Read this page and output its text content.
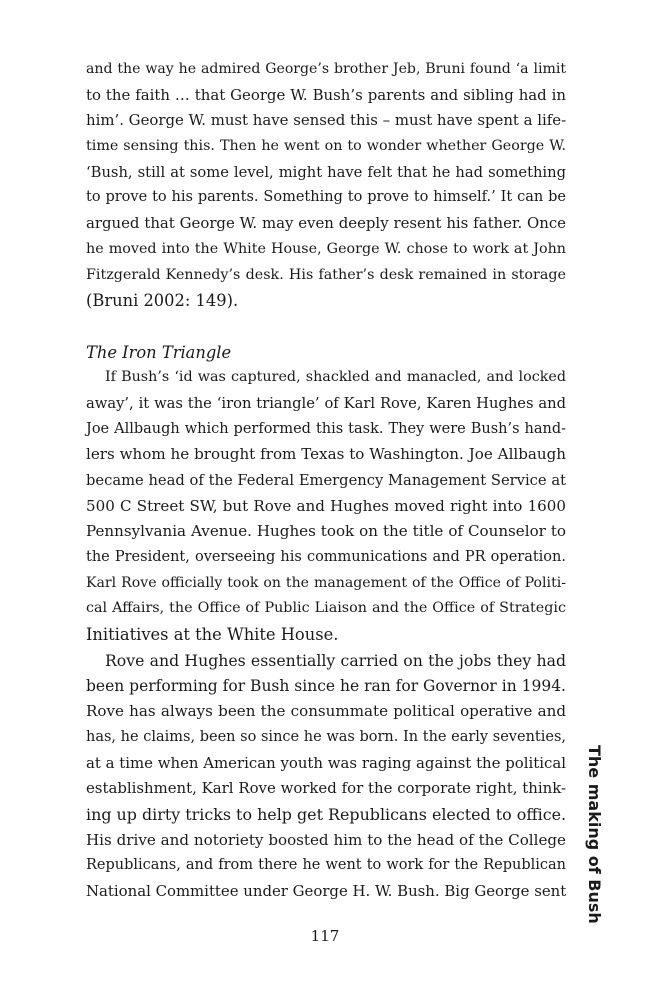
and the way he admired George’s brother Jeb, Bruni found ‘a limit
to the faith … that George W. Bush’s parents and sibling had in
him’. George W. must have sensed this – must have spent a life-
time sensing this. Then he went on to wonder whether George W.
‘Bush, still at some level, might have felt that he had something
to prove to his parents. Something to prove to himself.’ It can be
argued that George W. may even deeply resent his father. Once
he moved into the White House, George W. chose to work at John
Fitzgerald Kennedy’s desk. His father’s desk remained in storage
(Bruni 2002: 149).
The Iron Triangle
If Bush’s ‘id was captured, shackled and manacled, and locked
away’, it was the ‘iron triangle’ of Karl Rove, Karen Hughes and
Joe Allbaugh which performed this task. They were Bush’s hand-
lers whom he brought from Texas to Washington. Joe Allbaugh
became head of the Federal Emergency Management Service at
500 C Street SW, but Rove and Hughes moved right into 1600
Pennsylvania Avenue. Hughes took on the title of Counselor to
the President, overseeing his communications and PR operation.
Karl Rove officially took on the management of the Office of Politi-
cal Affairs, the Office of Public Liaison and the Office of Strategic
Initiatives at the White House.
Rove and Hughes essentially carried on the jobs they had
been performing for Bush since he ran for Governor in 1994.
Rove has always been the consummate political operative and
has, he claims, been so since he was born. In the early seventies,
at a time when American youth was raging against the political
establishment, Karl Rove worked for the corporate right, think-
ing up dirty tricks to help get Republicans elected to office.
His drive and notoriety boosted him to the head of the College
Republicans, and from there he went to work for the Republican
National Committee under George H. W. Bush. Big George sent	The making of Bush
117
